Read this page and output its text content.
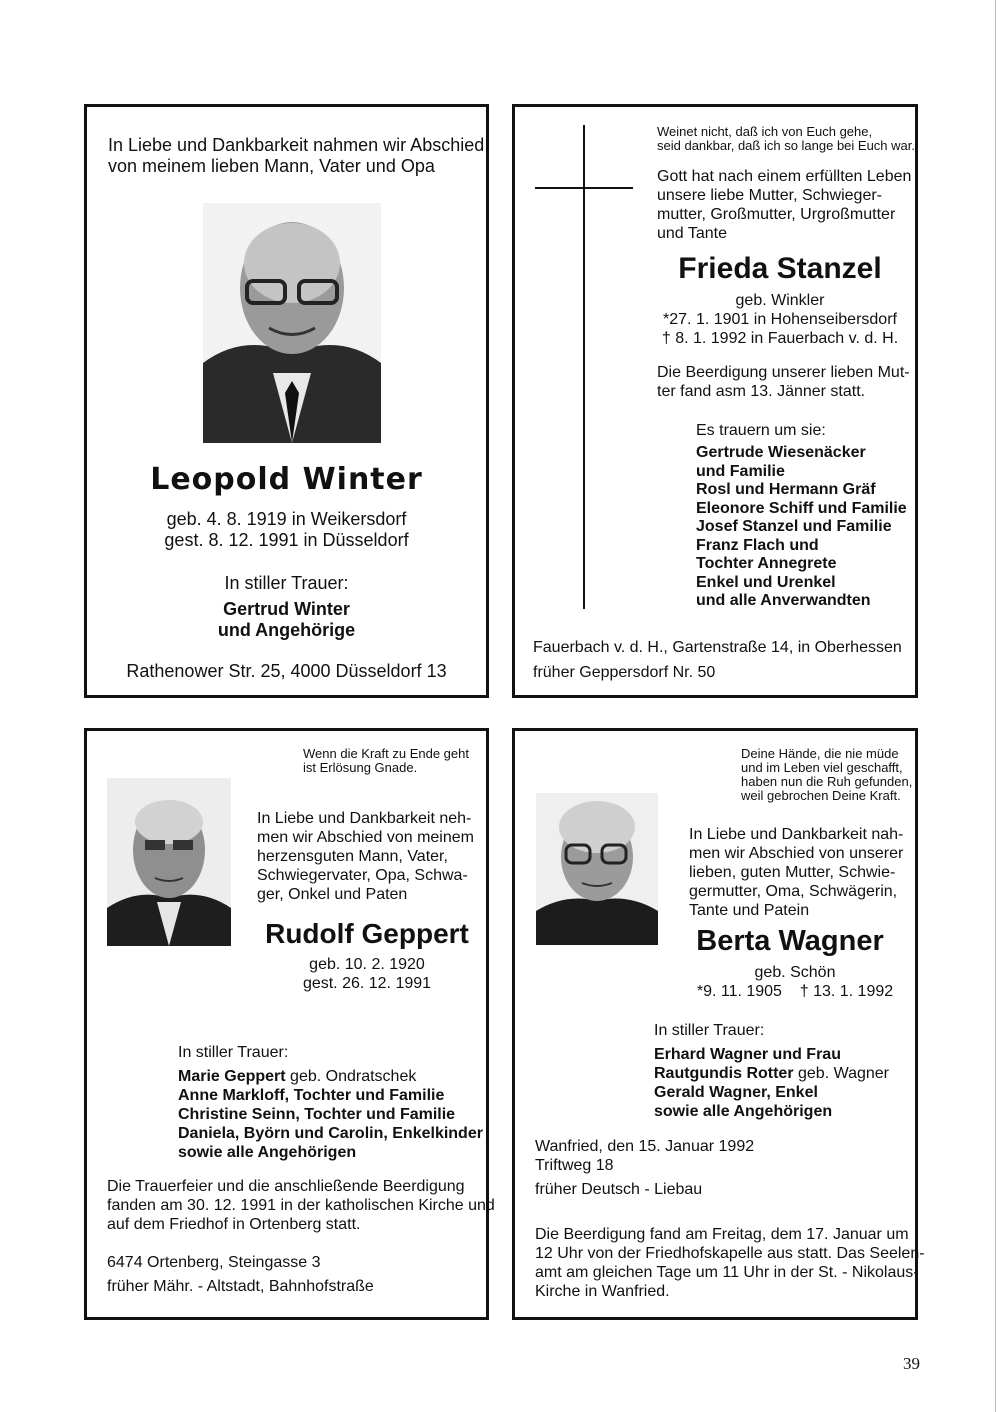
In Liebe und Dankbarkeit nahmen wir Abschied
von meinem lieben Mann, Vater und Opa
Leopold Winter
geb. 4. 8. 1919 in Weikersdorf
gest. 8. 12. 1991 in Düsseldorf
In stiller Trauer:
Gertrud Winter
und Angehörige
Rathenower Str. 25, 4000 Düsseldorf 13
Weinet nicht, daß ich von Euch gehe,
seid dankbar, daß ich so lange bei Euch war.
Gott hat nach einem erfüllten Leben
unsere liebe Mutter, Schwieger-
mutter, Großmutter, Urgroßmutter
und Tante
Frieda Stanzel
geb. Winkler
*27. 1. 1901 in Hohenseibersdorf
† 8. 1. 1992 in Fauerbach v. d. H.
Die Beerdigung unserer lieben Mut-
ter fand asm 13. Jänner statt.
Es trauern um sie:
Gertrude Wiesenäcker
und Familie
Rosl und Hermann Gräf
Eleonore Schiff und Familie
Josef Stanzel und Familie
Franz Flach und
Tochter Annegrete
Enkel und Urenkel
und alle Anverwandten
Fauerbach v. d. H., Gartenstraße 14, in Oberhessen
früher Geppersdorf Nr. 50
Wenn die Kraft zu Ende geht
ist Erlösung Gnade.
In Liebe und Dankbarkeit neh-
men wir Abschied von meinem
herzensguten Mann, Vater,
Schwiegervater, Opa, Schwa-
ger, Onkel und Paten
Rudolf Geppert
geb. 10. 2. 1920
gest. 26. 12. 1991
In stiller Trauer:
Marie Geppert geb. Ondratschek
Anne Markloff, Tochter und Familie
Christine Seinn, Tochter und Familie
Daniela, Byörn und Carolin, Enkelkinder
sowie alle Angehörigen
Die Trauerfeier und die anschließende Beerdigung
fanden am 30. 12. 1991 in der katholischen Kirche und
auf dem Friedhof in Ortenberg statt.
6474 Ortenberg, Steingasse 3
früher Mähr. - Altstadt, Bahnhofstraße
Deine Hände, die nie müde
und im Leben viel geschafft,
haben nun die Ruh gefunden,
weil gebrochen Deine Kraft.
In Liebe und Dankbarkeit nah-
men wir Abschied von unserer
lieben, guten Mutter, Schwie-
germutter, Oma, Schwägerin,
Tante und Patein
Berta Wagner
geb. Schön
*9. 11. 1905    † 13. 1. 1992
In stiller Trauer:
Erhard Wagner und Frau
Rautgundis Rotter geb. Wagner
Gerald Wagner, Enkel
sowie alle Angehörigen
Wanfried, den 15. Januar 1992
Triftweg 18
früher Deutsch - Liebau
Die Beerdigung fand am Freitag, dem 17. Januar um
12 Uhr von der Friedhofskapelle aus statt. Das Seelen-
amt am gleichen Tage um 11 Uhr in der St. - Nikolaus-
Kirche in Wanfried.
39
